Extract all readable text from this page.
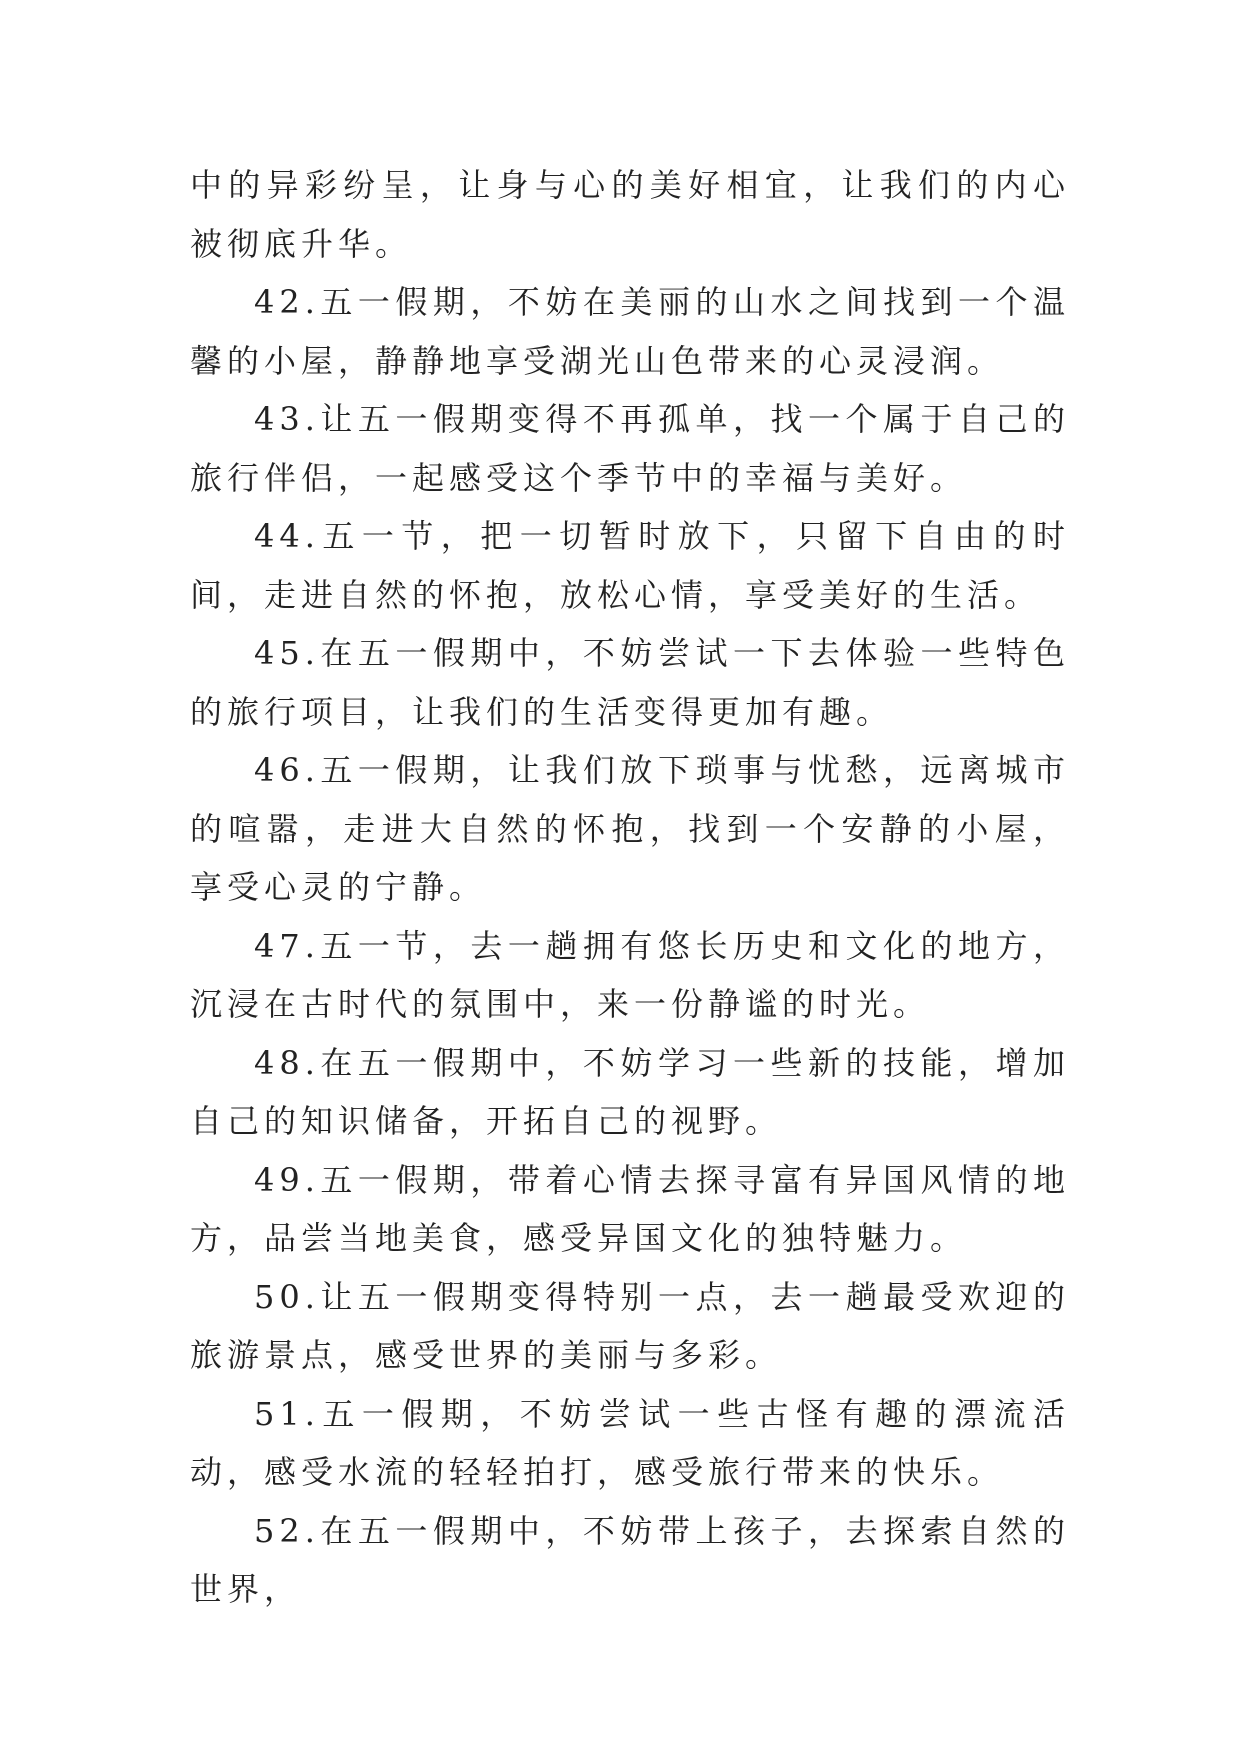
中的异彩纷呈，让身与心的美好相宜，让我们的内心被彻底升华。

42.五一假期，不妨在美丽的山水之间找到一个温馨的小屋，静静地享受湖光山色带来的心灵浸润。

43.让五一假期变得不再孤单，找一个属于自己的旅行伴侣，一起感受这个季节中的幸福与美好。

44.五一节，把一切暂时放下，只留下自由的时间，走进自然的怀抱，放松心情，享受美好的生活。

45.在五一假期中，不妨尝试一下去体验一些特色的旅行项目，让我们的生活变得更加有趣。

46.五一假期，让我们放下琐事与忧愁，远离城市的喧嚣，走进大自然的怀抱，找到一个安静的小屋，享受心灵的宁静。

47.五一节，去一趟拥有悠长历史和文化的地方，沉浸在古时代的氛围中，来一份静谧的时光。

48.在五一假期中，不妨学习一些新的技能，增加自己的知识储备，开拓自己的视野。

49.五一假期，带着心情去探寻富有异国风情的地方，品尝当地美食，感受异国文化的独特魅力。

50.让五一假期变得特别一点，去一趟最受欢迎的旅游景点，感受世界的美丽与多彩。

51.五一假期，不妨尝试一些古怪有趣的漂流活动，感受水流的轻轻拍打，感受旅行带来的快乐。

52.在五一假期中，不妨带上孩子，去探索自然的世界，
